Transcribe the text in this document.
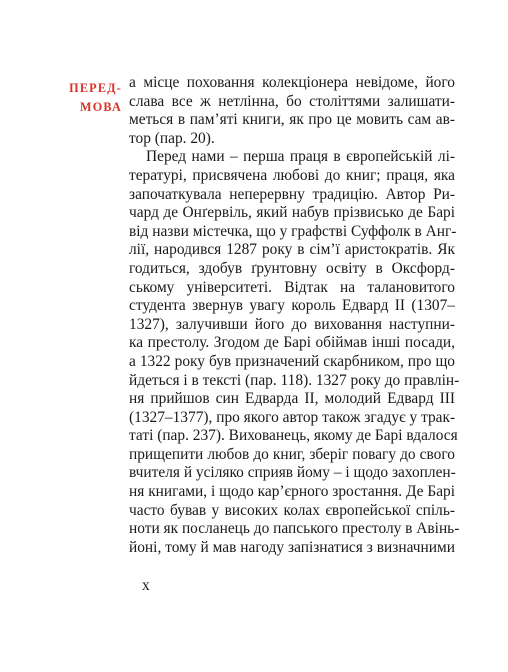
ПЕРЕД-
МОВА
а місце поховання колекціонера невідоме, його
слава все ж нетлінна, бо століттями залишати-
меться в пам’яті книги, як про це мовить сам ав-
тор (пар. 20).
Перед нами – перша праця в європейській лі-
тературі, присвячена любові до книг; праця, яка
започаткувала неперервну традицію. Автор Ри-
чард де Онґервіль, який набув прізвисько де Барі
від назви містечка, що у графстві Суффолк в Анг-
лії, народився 1287 року в сім’ї аристократів. Як
годиться, здобув ґрунтовну освіту в Оксфорд-
ському університеті. Відтак на талановитого
студента звернув увагу король Едвард II (1307–
1327), залучивши його до виховання наступни-
ка престолу. Згодом де Барі обіймав інші посади,
а 1322 року був призначений скарбником, про що
йдеться і в тексті (пар. 118). 1327 року до правлін-
ня прийшов син Едварда II, молодий Едвард III
(1327–1377), про якого автор також згадує у трак-
таті (пар. 237). Вихованець, якому де Барі вдалося
прищепити любов до книг, зберіг повагу до свого
вчителя й усіляко сприяв йому – і щодо захоплен-
ня книгами, і щодо кар’єрного зростання. Де Барі
часто бував у високих колах європейської спіль-
ноти як посланець до папського престолу в Авінь-
йоні, тому й мав нагоду запізнатися з визначними
x
